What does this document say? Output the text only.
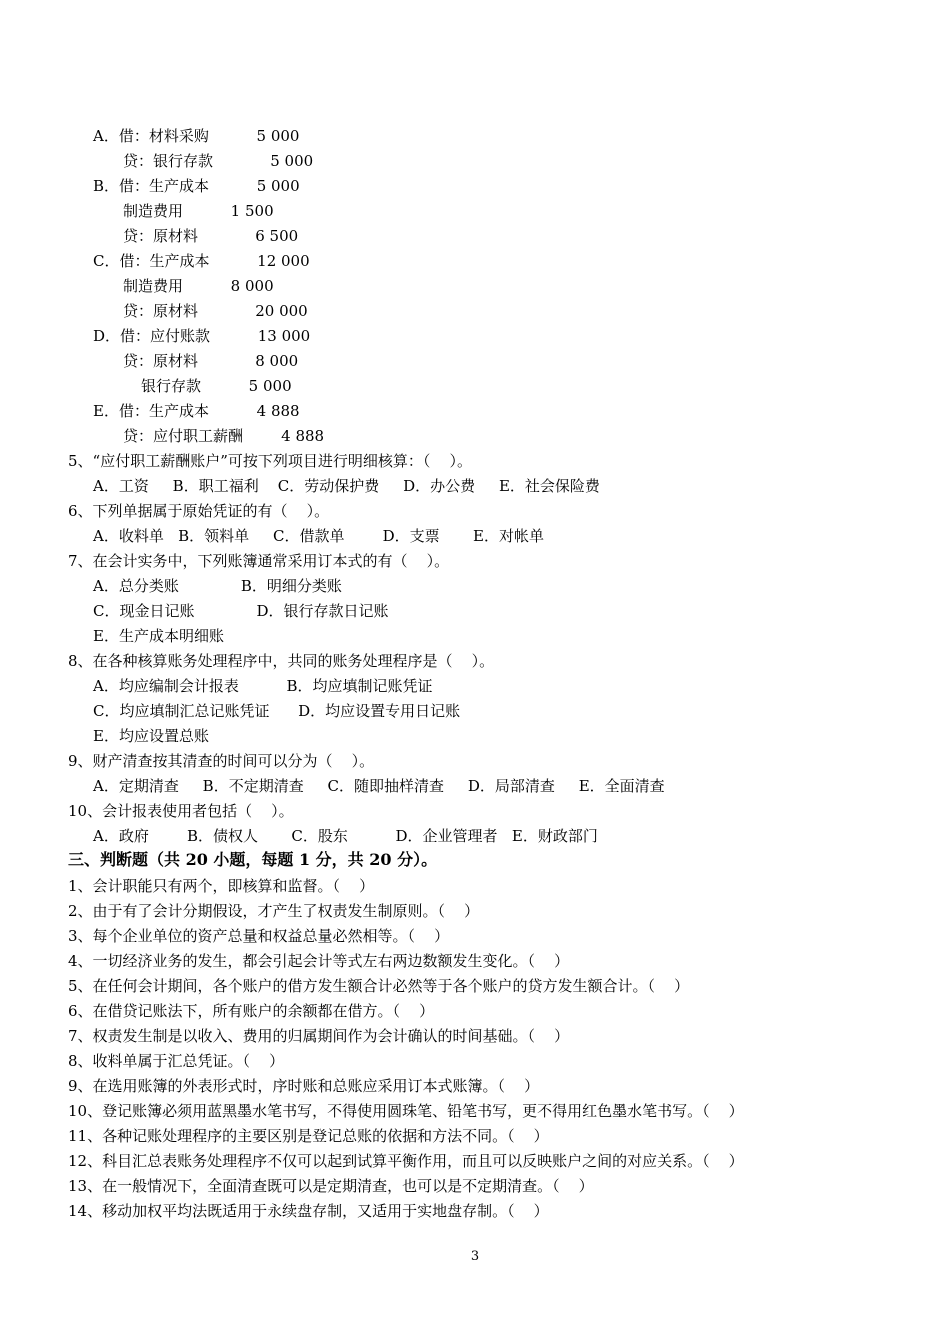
A．借：材料采购          5 000
贷：银行存款            5 000
B．借：生产成本          5 000
制造费用          1 500
贷：原材料            6 500
C．借：生产成本          12 000
制造费用          8 000
贷：原材料            20 000
D．借：应付账款          13 000
贷：原材料            8 000
银行存款          5 000
E．借：生产成本          4 888
贷：应付职工薪酬        4 888
5、“应付职工薪酬账户”可按下列项目进行明细核算：（    ）。
A．工资     B．职工福利    C．劳动保护费     D．办公费     E．社会保险费
6、下列单据属于原始凭证的有（    ）。
A．收料单   B．领料单     C．借款单        D．支票       E．对帐单
7、在会计实务中，下列账簿通常采用订本式的有（    ）。
A．总分类账             B．明细分类账
C．现金日记账             D．银行存款日记账
E．生产成本明细账
8、在各种核算账务处理程序中，共同的账务处理程序是（    ）。
A．均应编制会计报表          B．均应填制记账凭证
C．均应填制汇总记账凭证      D．均应设置专用日记账
E．均应设置总账
9、财产清查按其清查的时间可以分为（    ）。
A．定期清查     B．不定期清查     C．随即抽样清查     D．局部清查     E．全面清查
10、会计报表使用者包括（    ）。
A．政府        B．债权人       C．股东          D．企业管理者   E．财政部门
三、判断题（共 20 小题，每题 1 分，共 20 分）。
1、会计职能只有两个，即核算和监督。（    ）
2、由于有了会计分期假设，才产生了权责发生制原则。（    ）
3、每个企业单位的资产总量和权益总量必然相等。（    ）
4、一切经济业务的发生，都会引起会计等式左右两边数额发生变化。（    ）
5、在任何会计期间，各个账户的借方发生额合计必然等于各个账户的贷方发生额合计。（    ）
6、在借贷记账法下，所有账户的余额都在借方。（    ）
7、权责发生制是以收入、费用的归属期间作为会计确认的时间基础。（    ）
8、收料单属于汇总凭证。（    ）
9、在选用账簿的外表形式时，序时账和总账应采用订本式账簿。（    ）
10、登记账簿必须用蓝黑墨水笔书写，不得使用圆珠笔、铅笔书写，更不得用红色墨水笔书写。（    ）
11、各种记账处理程序的主要区别是登记总账的依据和方法不同。（    ）
12、科目汇总表账务处理程序不仅可以起到试算平衡作用，而且可以反映账户之间的对应关系。（    ）
13、在一般情况下，全面清查既可以是定期清查，也可以是不定期清查。（    ）
14、移动加权平均法既适用于永续盘存制，又适用于实地盘存制。（    ）
3
